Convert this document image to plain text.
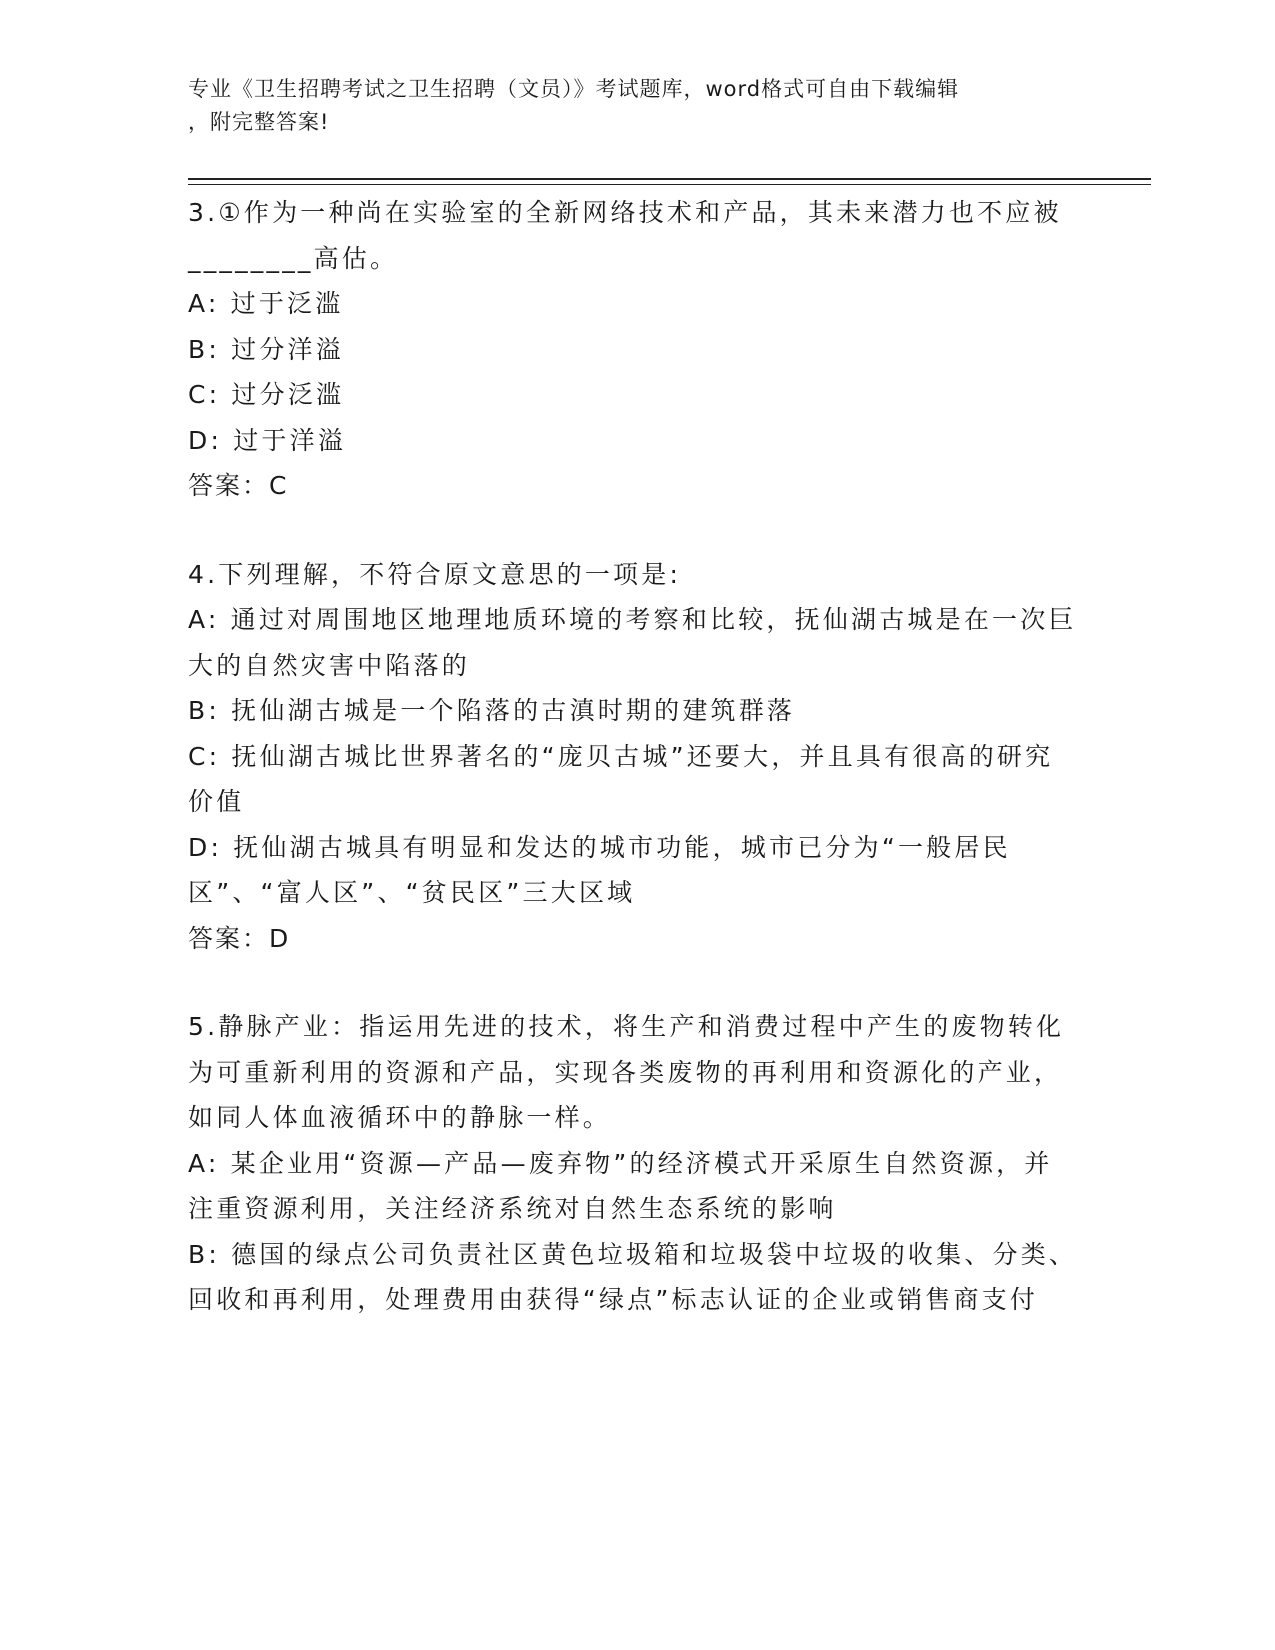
专业《卫生招聘考试之卫生招聘（文员）》考试题库，word格式可自由下载编辑
，附完整答案!

3.①作为一种尚在实验室的全新网络技术和产品，其未来潜力也不应被________高估。

A: 过于泛滥

B: 过分洋溢

C: 过分泛滥

D: 过于洋溢

答案：C

4.下列理解，不符合原文意思的一项是:

A: 通过对周围地区地理地质环境的考察和比较，抚仙湖古城是在一次巨大的自然灾害中陷落的

B: 抚仙湖古城是一个陷落的古滇时期的建筑群落

C: 抚仙湖古城比世界著名的“庞贝古城”还要大，并且具有很高的研究价值

D: 抚仙湖古城具有明显和发达的城市功能，城市已分为“一般居民区”、“富人区”、“贫民区”三大区域

答案：D

5.静脉产业：指运用先进的技术，将生产和消费过程中产生的废物转化为可重新利用的资源和产品，实现各类废物的再利用和资源化的产业，如同人体血液循环中的静脉一样。

A: 某企业用“资源—产品—废弃物”的经济模式开采原生自然资源，并注重资源利用，关注经济系统对自然生态系统的影响

B: 德国的绿点公司负责社区黄色垃圾箱和垃圾袋中垃圾的收集、分类、回收和再利用，处理费用由获得“绿点”标志认证的企业或销售商支付
